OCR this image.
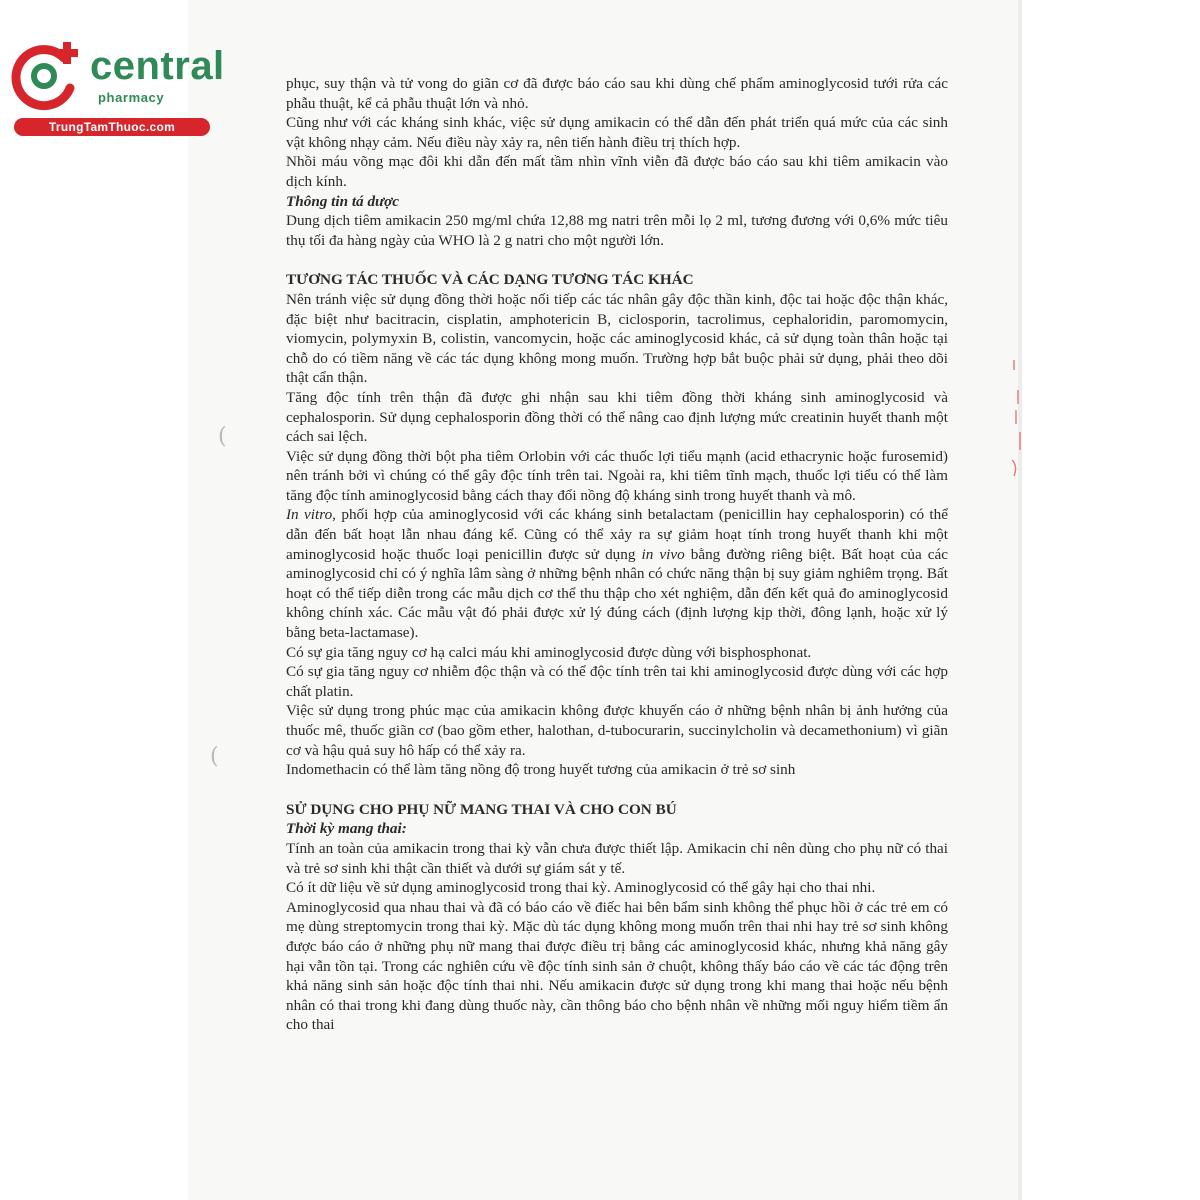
central
pharmacy
TrungTamThuoc.com
(
(

phục, suy thận và tử vong do giãn cơ đã được báo cáo sau khi dùng chế phẩm aminoglycosid tưới rửa các phẫu thuật, kể cả phẫu thuật lớn và nhỏ.

Cũng như với các kháng sinh khác, việc sử dụng amikacin có thể dẫn đến phát triển quá mức của các sinh vật không nhạy cảm. Nếu điều này xảy ra, nên tiến hành điều trị thích hợp.

Nhồi máu võng mạc đôi khi dẫn đến mất tầm nhìn vĩnh viễn đã được báo cáo sau khi tiêm amikacin vào dịch kính.

Thông tin tá dược

Dung dịch tiêm amikacin 250 mg/ml chứa 12,88 mg natri trên mỗi lọ 2 ml, tương đương với 0,6% mức tiêu thụ tối đa hàng ngày của WHO là 2 g natri cho một người lớn.

TƯƠNG TÁC THUỐC VÀ CÁC DẠNG TƯƠNG TÁC KHÁC

Nên tránh việc sử dụng đồng thời hoặc nối tiếp các tác nhân gây độc thần kinh, độc tai hoặc độc thận khác, đặc biệt như bacitracin, cisplatin, amphotericin B, ciclosporin, tacrolimus, cephaloridin, paromomycin, viomycin, polymyxin B, colistin, vancomycin, hoặc các aminoglycosid khác, cả sử dụng toàn thân hoặc tại chỗ do có tiềm năng về các tác dụng không mong muốn. Trường hợp bắt buộc phải sử dụng, phải theo dõi thật cẩn thận.

Tăng độc tính trên thận đã được ghi nhận sau khi tiêm đồng thời kháng sinh aminoglycosid và cephalosporin. Sử dụng cephalosporin đồng thời có thể nâng cao định lượng mức creatinin huyết thanh một cách sai lệch.

Việc sử dụng đồng thời bột pha tiêm Orlobin với các thuốc lợi tiểu mạnh (acid ethacrynic hoặc furosemid) nên tránh bởi vì chúng có thể gây độc tính trên tai. Ngoài ra, khi tiêm tĩnh mạch, thuốc lợi tiểu có thể làm tăng độc tính aminoglycosid bằng cách thay đổi nồng độ kháng sinh trong huyết thanh và mô.

In vitro, phối hợp của aminoglycosid với các kháng sinh betalactam (penicillin hay cephalosporin) có thể dẫn đến bất hoạt lẫn nhau đáng kể. Cũng có thể xảy ra sự giảm hoạt tính trong huyết thanh khi một aminoglycosid hoặc thuốc loại penicillin được sử dụng in vivo bằng đường riêng biệt. Bất hoạt của các aminoglycosid chỉ có ý nghĩa lâm sàng ở những bệnh nhân có chức năng thận bị suy giảm nghiêm trọng. Bất hoạt có thể tiếp diễn trong các mẫu dịch cơ thể thu thập cho xét nghiệm, dẫn đến kết quả đo aminoglycosid không chính xác. Các mẫu vật đó phải được xử lý đúng cách (định lượng kịp thời, đông lạnh, hoặc xử lý bằng beta-lactamase).

Có sự gia tăng nguy cơ hạ calci máu khi aminoglycosid được dùng với bisphosphonat.

Có sự gia tăng nguy cơ nhiễm độc thận và có thể độc tính trên tai khi aminoglycosid được dùng với các hợp chất platin.

Việc sử dụng trong phúc mạc của amikacin không được khuyến cáo ở những bệnh nhân bị ảnh hưởng của thuốc mê, thuốc giãn cơ (bao gồm ether, halothan, d-tubocurarin, succinylcholin và decamethonium) vì giãn cơ và hậu quả suy hô hấp có thể xảy ra.

Indomethacin có thể làm tăng nồng độ trong huyết tương của amikacin ở trẻ sơ sinh

SỬ DỤNG CHO PHỤ NỮ MANG THAI VÀ CHO CON BÚ

Thời kỳ mang thai:

Tính an toàn của amikacin trong thai kỳ vẫn chưa được thiết lập. Amikacin chỉ nên dùng cho phụ nữ có thai và trẻ sơ sinh khi thật cần thiết và dưới sự giám sát y tế.

Có ít dữ liệu về sử dụng aminoglycosid trong thai kỳ. Aminoglycosid có thể gây hại cho thai nhi.

Aminoglycosid qua nhau thai và đã có báo cáo về điếc hai bên bẩm sinh không thể phục hồi ở các trẻ em có mẹ dùng streptomycin trong thai kỳ. Mặc dù tác dụng không mong muốn trên thai nhi hay trẻ sơ sinh không được báo cáo ở những phụ nữ mang thai được điều trị bằng các aminoglycosid khác, nhưng khả năng gây hại vẫn tồn tại. Trong các nghiên cứu về độc tính sinh sản ở chuột, không thấy báo cáo về các tác động trên khả năng sinh sản hoặc độc tính thai nhi. Nếu amikacin được sử dụng trong khi mang thai hoặc nếu bệnh nhân có thai trong khi đang dùng thuốc này, cần thông báo cho bệnh nhân về những mối nguy hiểm tiềm ẩn cho thai
